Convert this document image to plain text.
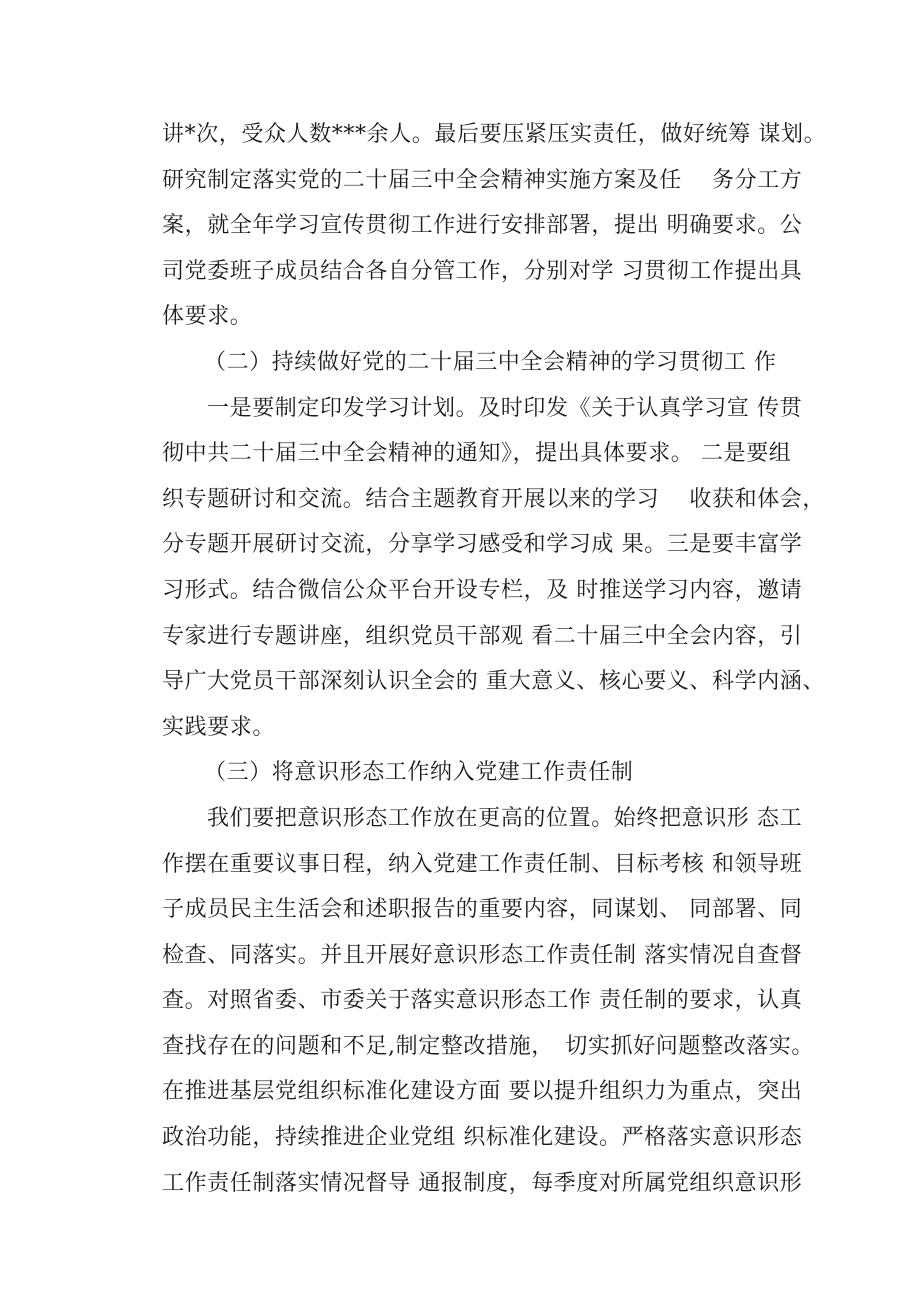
讲*次，受众人数***余人。最后要压紧压实责任，做好统筹 谋划。
研究制定落实党的二十届三中全会精神实施方案及任　 务分工方
案，就全年学习宣传贯彻工作进行安排部署，提出 明确要求。公
司党委班子成员结合各自分管工作，分别对学 习贯彻工作提出具
体要求。
（二）持续做好党的二十届三中全会精神的学习贯彻工 作
一是要制定印发学习计划。及时印发《关于认真学习宣 传贯
彻中共二十届三中全会精神的通知》，提出具体要求。 二是要组
织专题研讨和交流。结合主题教育开展以来的学习　 收获和体会，
分专题开展研讨交流，分享学习感受和学习成 果。三是要丰富学
习形式。结合微信公众平台开设专栏，及 时推送学习内容，邀请
专家进行专题讲座，组织党员干部观 看二十届三中全会内容，引
导广大党员干部深刻认识全会的 重大意义、核心要义、科学内涵、
实践要求。
（三）将意识形态工作纳入党建工作责任制
我们要把意识形态工作放在更高的位置。始终把意识形 态工
作摆在重要议事日程，纳入党建工作责任制、目标考核 和领导班
子成员民主生活会和述职报告的重要内容，同谋划、 同部署、同
检查、同落实。并且开展好意识形态工作责任制 落实情况自查督
查。对照省委、市委关于落实意识形态工作 责任制的要求，认真
查找存在的问题和不足,制定整改措施，　切实抓好问题整改落实。
在推进基层党组织标准化建设方面 要以提升组织力为重点，突出
政治功能，持续推进企业党组 织标准化建设。严格落实意识形态
工作责任制落实情况督导 通报制度，每季度对所属党组织意识形
